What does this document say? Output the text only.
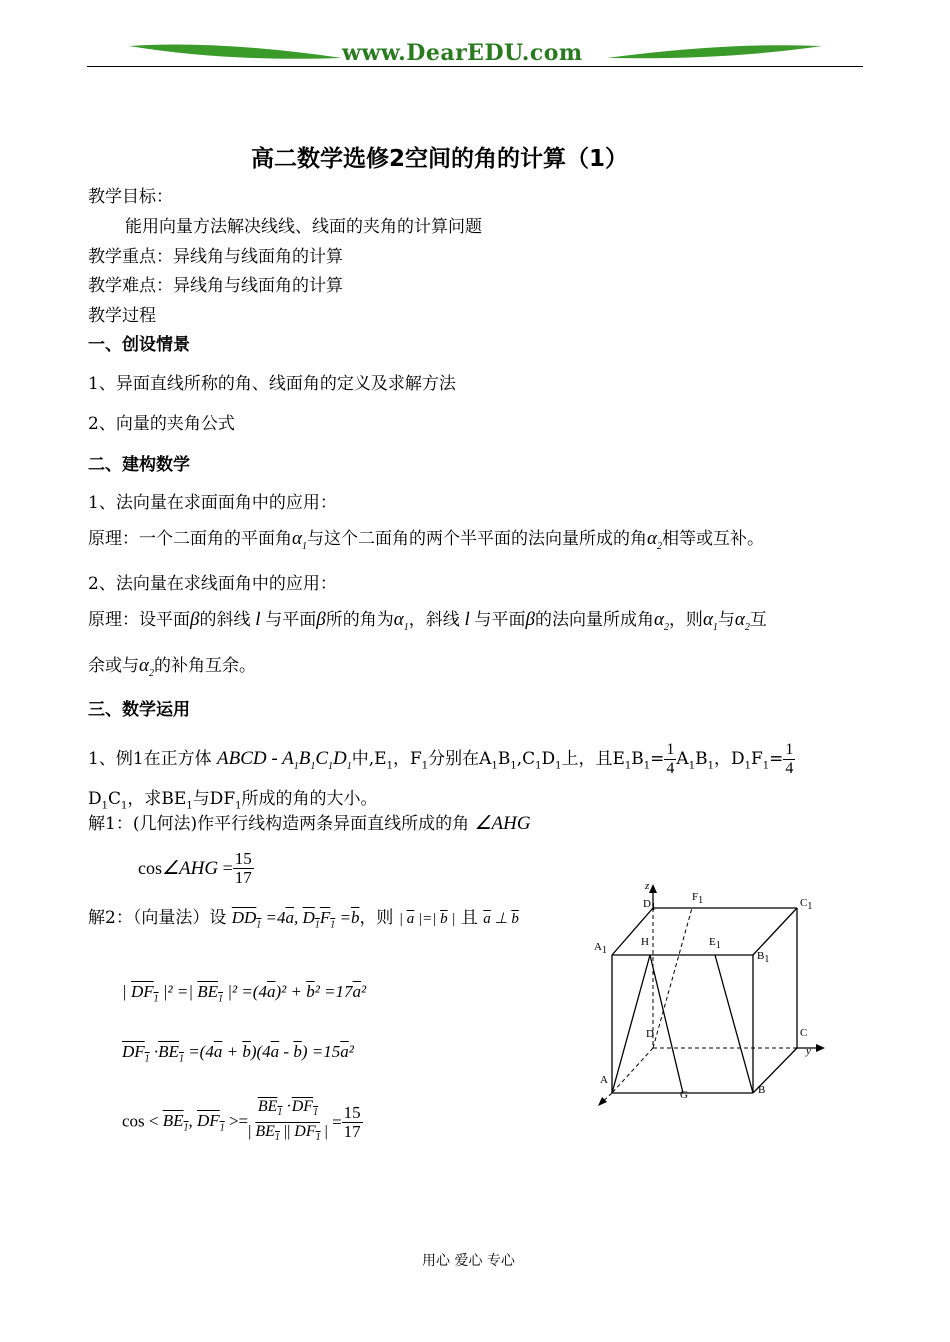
www.DearEDU.com
高二数学选修2空间的角的计算（1）
教学目标：
能用向量方法解决线线、线面的夹角的计算问题
教学重点：异线角与线面角的计算
教学难点：异线角与线面角的计算
教学过程
一、创设情景
1、异面直线所称的角、线面角的定义及求解方法
2、向量的夹角公式
二、建构数学
1、法向量在求面面角中的应用：
原理：一个二面角的平面角$\alpha_1$与这个二面角的两个半平面的法向量所成的角$\alpha_2$相等或互补。
2、法向量在求线面角中的应用：
原理：设平面β的斜线 l 与平面β所的角为$\alpha_1$，斜线 l 与平面β的法向量所成角$\alpha_2$，则$\alpha_1$与$\alpha_2$互
余或与$\alpha_2$的补角互余。
三、数学运用
1、例1在正方体 ABCD - $A_1B_1C_1D_1$中$,E_1$，$F_1$分别在$A_1B_1,C_1D_1$上，且$E_1B_1= \frac{1}{4} A_1B_1$，$D_1F_1= \frac{1}{4}$
$D_1C_1$，求$BE_1$与$DF_1$所成的角的大小。
解1：(几何法)作平行线构造两条异面直线所成的角 ∠AHG
cos∠AHG = $\frac{15}{17}$
解2：（向量法）设 $DD_1 =4\overline{a}$, $D_1F_1 =\overline{b}$，则 | $\overline{a}$ |=| $\overline{b}$ | 且 $\overline{a}$ ⊥ $\overline{b}$
| $DF_1$ |² =| $BE_1$ $|^2 =(4\overline{a})^2 + \overline{b}^2 =17\overline{a}^2$
$DF_1 \cdot BE_1 =(4\overline{a} + \overline{b})(4\overline{a} - \overline{b}) =15\overline{a}^2$
$\cos < BE_1$, $DF_1 >= \frac{BE_1 \cdot DF_1}{| BE_1 || DF_1 |} = \frac{15}{17}$
z
$D_1$
$F_1$	$C_1$
H	$E_1$
$A_1$	$B_1$
D	C
y
A
G	B
用心 爱心 专心
